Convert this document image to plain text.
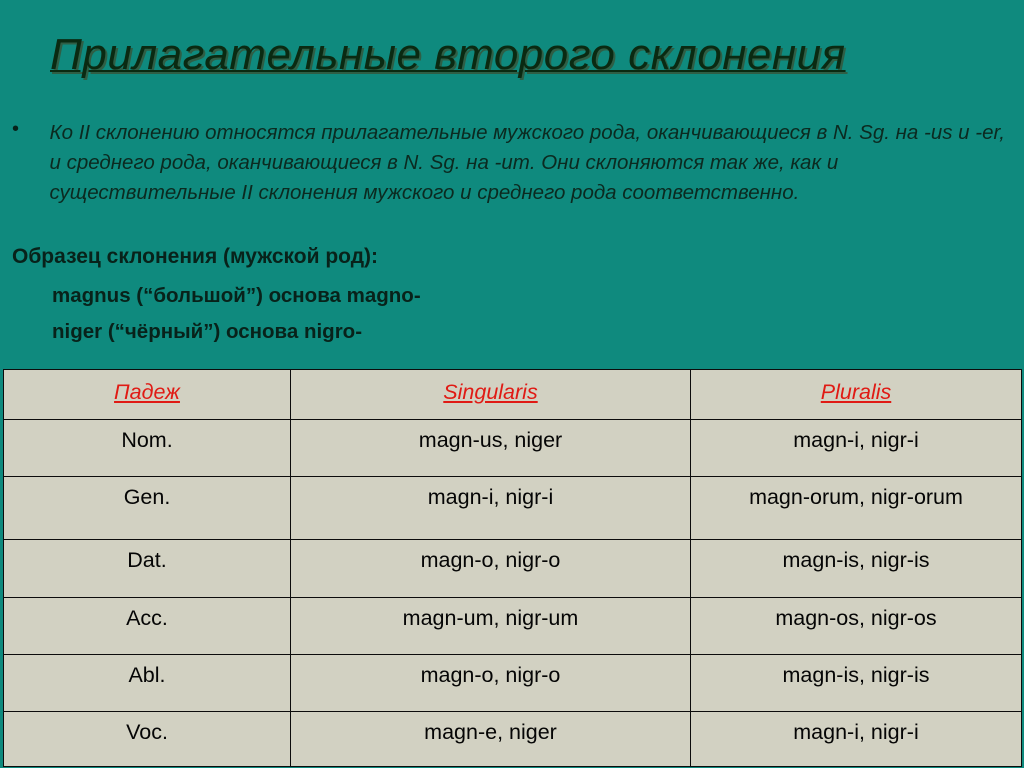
Прилагательные второго склонения
•	Ко II склонению относятся прилагательные мужского рода, оканчивающиеся в N. Sg. на -us и -er, и среднего рода, оканчивающиеся в N. Sg. на -um. Они склоняются так же, как и существительные II склонения мужского и среднего рода соответственно.
Образец склонения (мужской род):
magnus (“большой”) основа magno-
niger (“чёрный”) основа nigro-
Падеж	Singularis	Pluralis
Nom.	magn-us, niger	magn-i, nigr-i
Gen.	magn-i, nigr-i	magn-orum, nigr-orum
Dat.	magn-o, nigr-o	magn-is, nigr-is
Acc.	magn-um, nigr-um	magn-os, nigr-os
Abl.	magn-o, nigr-o	magn-is, nigr-is
Voc.	magn-e, niger	magn-i, nigr-i
